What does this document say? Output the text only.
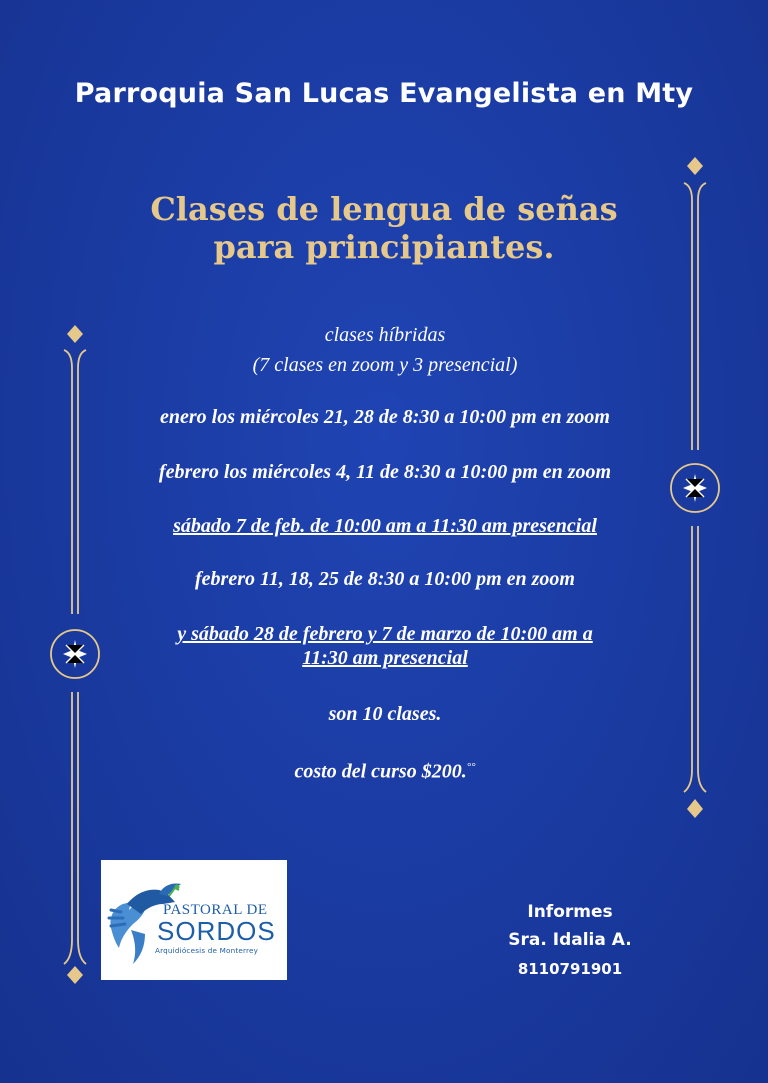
Parroquia San Lucas Evangelista en Mty
Clases de lengua de señas
para principiantes.

clases híbridas

(7 clases en zoom y 3 presencial)

enero los miércoles 21, 28 de 8:30 a 10:00 pm en zoom

febrero los miércoles 4, 11 de 8:30 a 10:00 pm en zoom

sábado 7 de feb. de 10:00 am a 11:30 am presencial

febrero 11, 18, 25 de 8:30 a 10:00 pm en zoom

y sábado 28 de febrero y 7 de marzo de 10:00 am a

11:30 am presencial

son 10 clases.

costo del curso $200.°°

PASTORAL DE
SORDOS
Arquidiócesis de Monterrey

Informes

Sra. Idalia A.

8110791901
